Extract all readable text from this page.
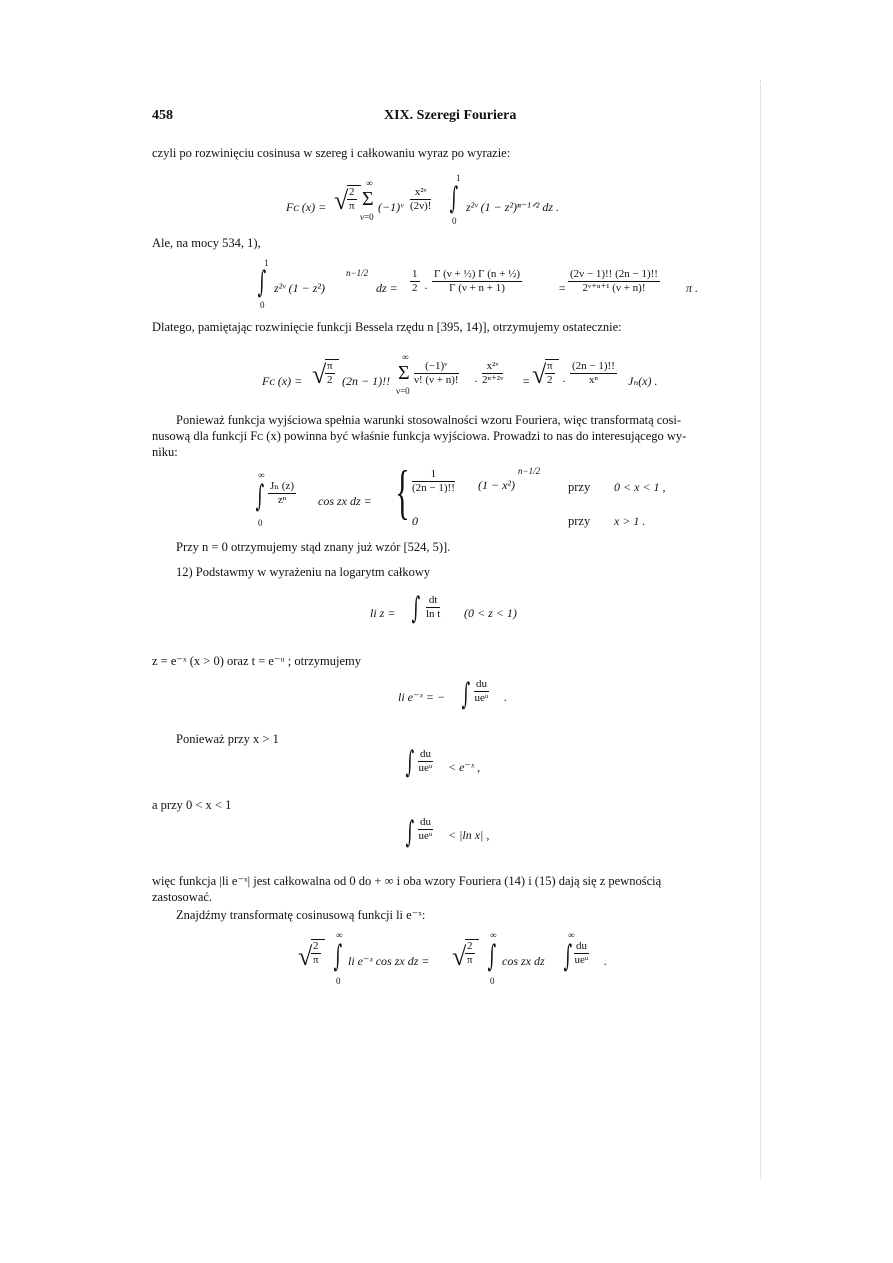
458	XIX. Szeregi Fouriera
czyli po rozwinięciu cosinusa w szereg i całkowaniu wyraz po wyrazie:
Fᴄ (x) = √
$\frac{2}{\pi}$
∞
Σ
ν=0
(−1)ᵛ $\frac{\text{x²ᵛ}}{(2\nu)!}$
1
∫
0
z²ᵛ (1 − z²)ⁿ⁻¹ᐟ² dz .
Ale, na mocy 534, 1),
1
∫
0
z²ᵛ (1 − z²)
n−1/2
dz = $\frac{1}{2} \cdot \frac{\text{Γ (ν + ½) Γ (n + ½)}}{\Gamma (\nu + n + 1)}$	= $\frac{(2\nu - 1)!! (2n - 1)!!}{\text{2ᵛ⁺ⁿ⁺¹ (ν + n)!}}$ π .
Dlatego, pamiętając rozwinięcie funkcji Bessela rzędu n [395, 14)], otrzymujemy ostatecznie:
Fᴄ (x) = √
$\frac{\pi}{2} (2n - 1)$!!
∞
Σ
ν=0
$\frac{\text{(−1)ᵛ}}{\nu! (\nu + n)!} \cdot \frac{\text{x²ᵛ}}{\text{2ⁿ⁺²ᵛ}}$ = √
$\frac{\pi}{2} \cdot \frac{(2n - 1)!!}{\text{xⁿ}} J_n(x)$ .
Ponieważ funkcja wyjściowa spełnia warunki stosowalności wzoru Fouriera, więc transformatą cosi-
nusową dla funkcji Fᴄ (x) powinna być właśnie funkcja wyjściowa. Prowadzi to nas do interesującego wy-
niku:
∞
∫
0
$\frac{\text{Jₙ (z)}}{\text{zⁿ}}$ cos zx dz = { $\frac{1}{(2n - 1)!!} (1 - x^2)$
n−1/2
przy 0 < x < 1 ,
0	przy x > 1 .
Przy n = 0 otrzymujemy stąd znany już wzór [524, 5)].
12) Podstawmy w wyrażeniu na logarytm całkowy
li z = ∫ $\frac{dt}{\text{ln t}} (0 < z < 1)$
z = e⁻ˣ (x > 0) oraz t = e⁻ᵘ ; otrzymujemy
li e⁻ˣ = − ∫ du
ueᵘ .
Ponieważ przy x > 1
∫ du
ueᵘ < e⁻ˣ ,
a przy 0 < x < 1
∫ du
ueᵘ < |ln x| ,
więc funkcja |li e⁻ˣ| jest całkowalna od 0 do + ∞ i oba wzory Fouriera (14) i (15) dają się z pewnością
zastosować.
Znajdźmy transformatę cosinusową funkcji li e⁻ˣ:
√
$\frac{2}{\pi}$
∞
∫
0
li e⁻ˣ cos zx dz = √
$\frac{2}{\pi}$
∞
∫
0
cos zx dz
∞
∫ du
ueᵘ .
